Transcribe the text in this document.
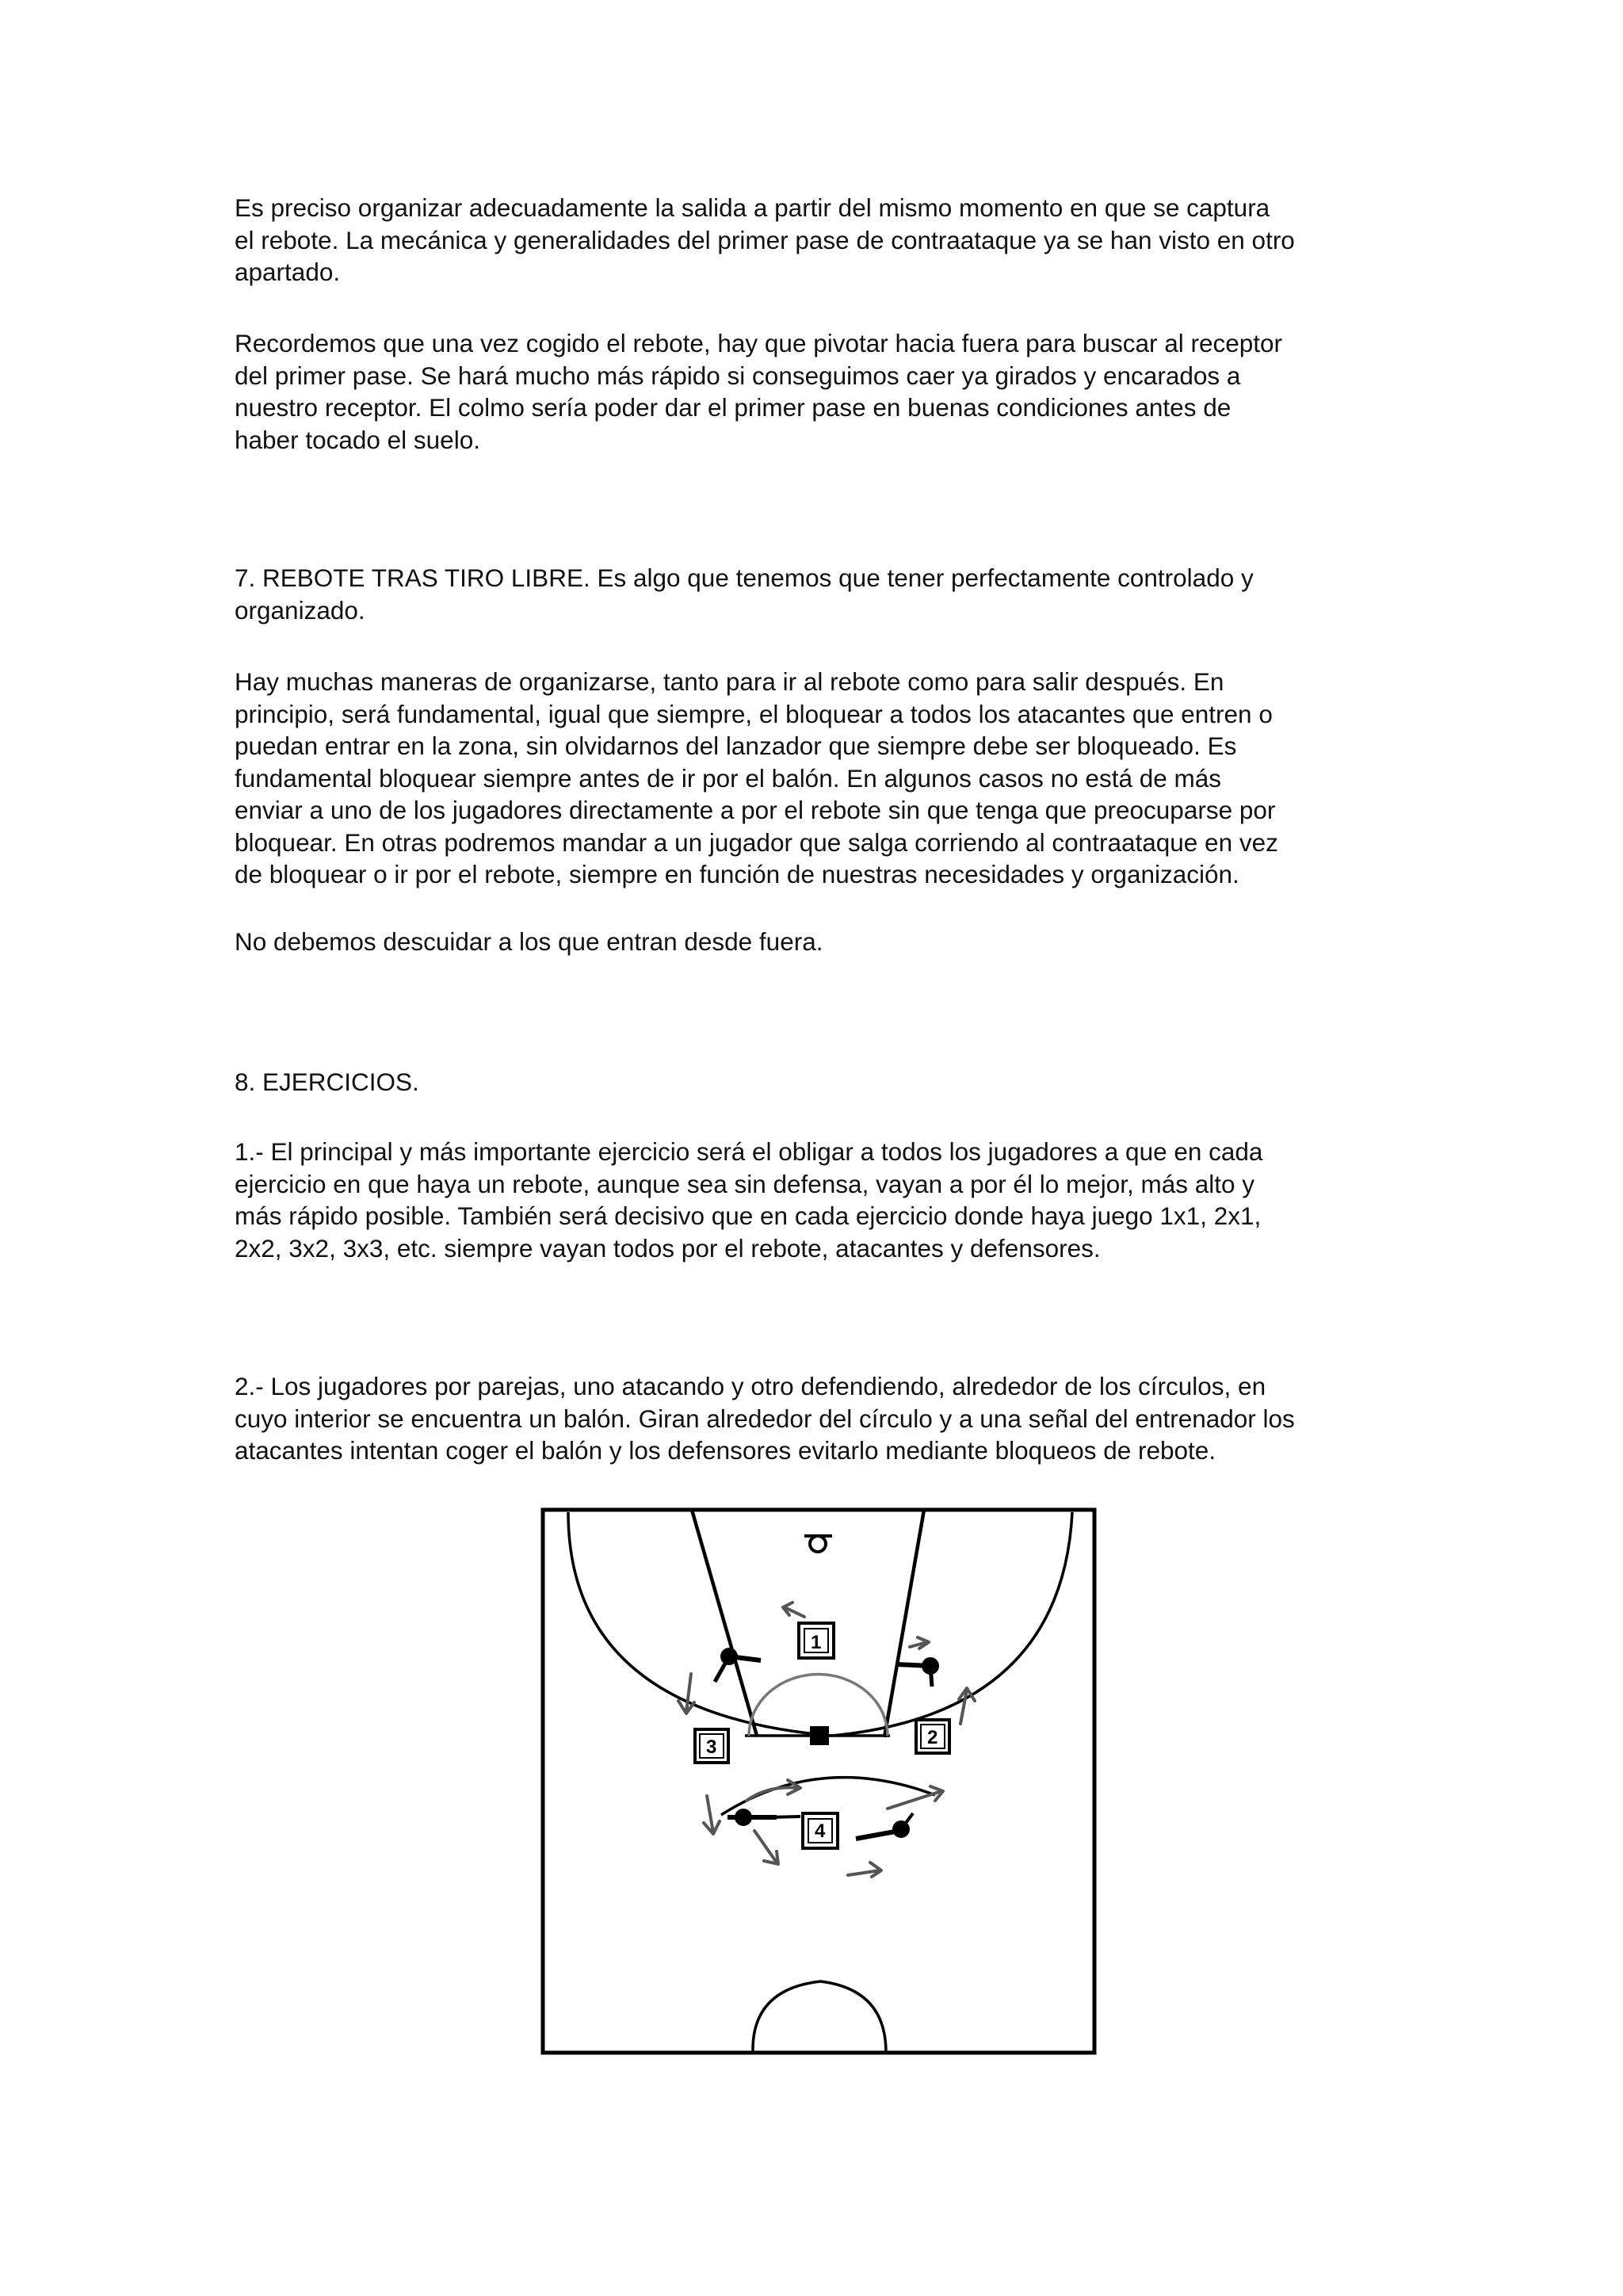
Es preciso organizar adecuadamente la salida a partir del mismo momento en que se captura
el rebote. La mecánica y generalidades del primer pase de contraataque ya se han visto en otro
apartado.
Recordemos que una vez cogido el rebote, hay que pivotar hacia fuera para buscar al receptor
del primer pase. Se hará mucho más rápido si conseguimos caer ya girados y encarados a
nuestro receptor. El colmo sería poder dar el primer pase en buenas condiciones antes de
haber tocado el suelo.
7. REBOTE TRAS TIRO LIBRE. Es algo que tenemos que tener perfectamente controlado y
organizado.
Hay muchas maneras de organizarse, tanto para ir al rebote como para salir después. En
principio, será fundamental, igual que siempre, el bloquear a todos los atacantes que entren o
puedan entrar en la zona, sin olvidarnos del lanzador que siempre debe ser bloqueado. Es
fundamental bloquear siempre antes de ir por el balón. En algunos casos no está de más
enviar a uno de los jugadores directamente a por el rebote sin que tenga que preocuparse por
bloquear. En otras podremos mandar a un jugador que salga corriendo al contraataque en vez
de bloquear o ir por el rebote, siempre en función de nuestras necesidades y organización.
No debemos descuidar a los que entran desde fuera.
8. EJERCICIOS.
1.- El principal y más importante ejercicio será el obligar a todos los jugadores a que en cada
ejercicio en que haya un rebote, aunque sea sin defensa, vayan a por él lo mejor, más alto y
más rápido posible. También será decisivo que en cada ejercicio donde haya juego 1x1, 2x1,
2x2, 3x2, 3x3, etc. siempre vayan todos por el rebote, atacantes y defensores.
2.- Los jugadores por parejas, uno atacando y otro defendiendo, alrededor de los círculos, en
cuyo interior se encuentra un balón. Giran alrededor del círculo y a una señal del entrenador los
atacantes intentan coger el balón y los defensores evitarlo mediante bloqueos de rebote.
1
2
3
4
